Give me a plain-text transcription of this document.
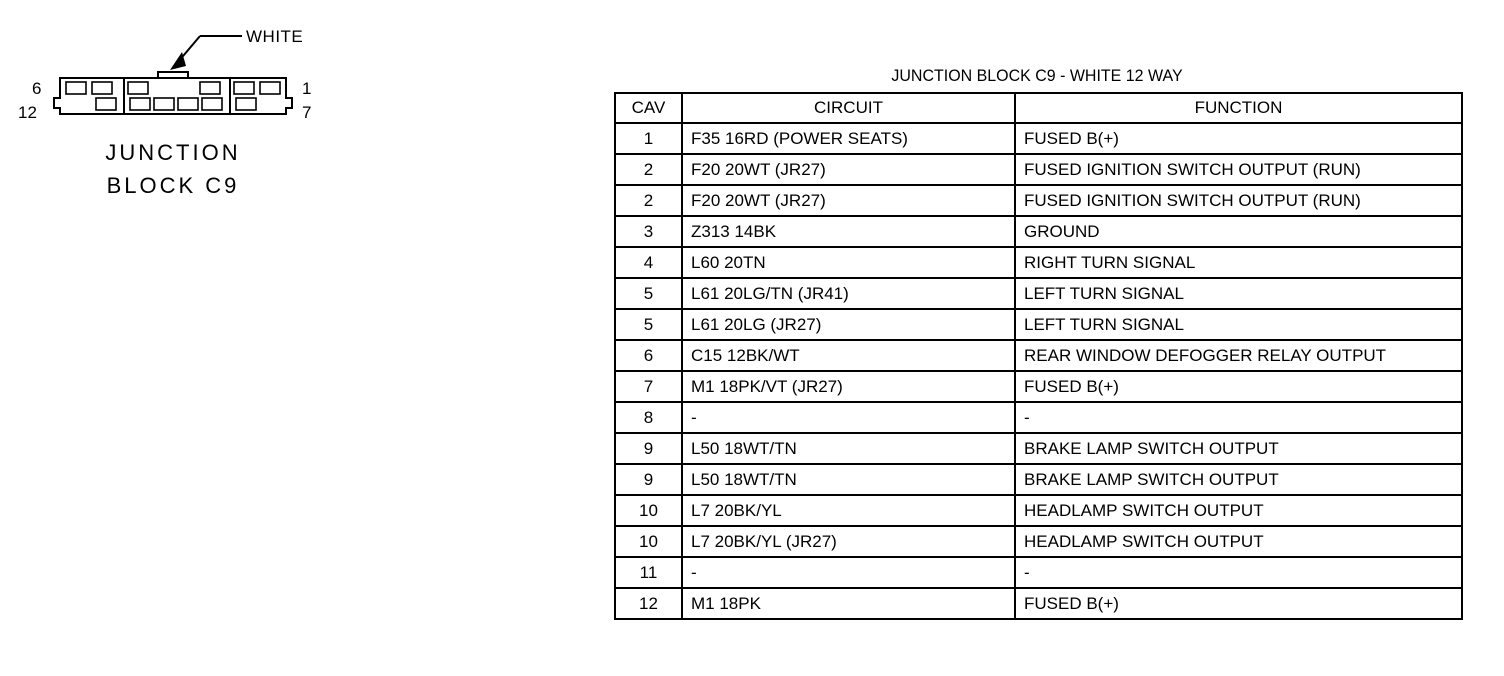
WHITE
6
12
1
7
JUNCTION
BLOCK C9
JUNCTION BLOCK C9 - WHITE 12 WAY
CAV	CIRCUIT	FUNCTION
1	F35 16RD (POWER SEATS)	FUSED B(+)
2	F20 20WT (JR27)	FUSED IGNITION SWITCH OUTPUT (RUN)
2	F20 20WT (JR27)	FUSED IGNITION SWITCH OUTPUT (RUN)
3	Z313 14BK	GROUND
4	L60 20TN	RIGHT TURN SIGNAL
5	L61 20LG/TN (JR41)	LEFT TURN SIGNAL
5	L61 20LG (JR27)	LEFT TURN SIGNAL
6	C15 12BK/WT	REAR WINDOW DEFOGGER RELAY OUTPUT
7	M1 18PK/VT (JR27)	FUSED B(+)
8	-	-
9	L50 18WT/TN	BRAKE LAMP SWITCH OUTPUT
9	L50 18WT/TN	BRAKE LAMP SWITCH OUTPUT
10	L7 20BK/YL	HEADLAMP SWITCH OUTPUT
10	L7 20BK/YL (JR27)	HEADLAMP SWITCH OUTPUT
11	-	-
12	M1 18PK	FUSED B(+)
